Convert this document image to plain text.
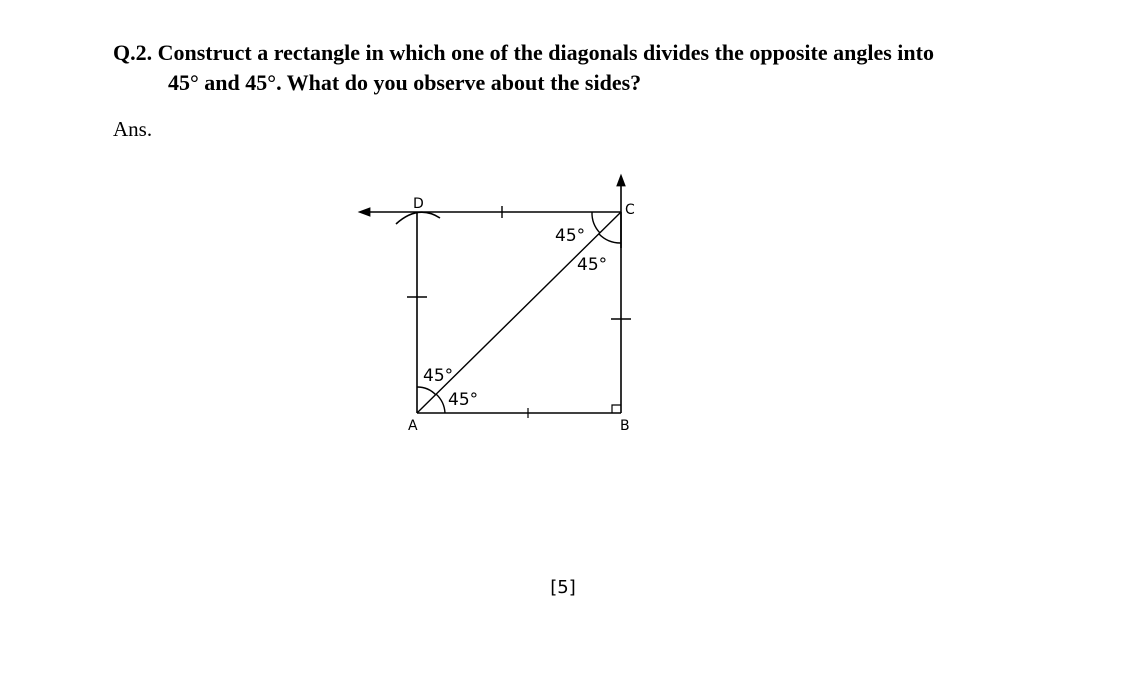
Q.2. Construct a rectangle in which one of the diagonals divides the opposite angles into
45° and 45°. What do you observe about the sides?
Ans.
D	C
A	B
45°
45°
45°
45°
[5]
